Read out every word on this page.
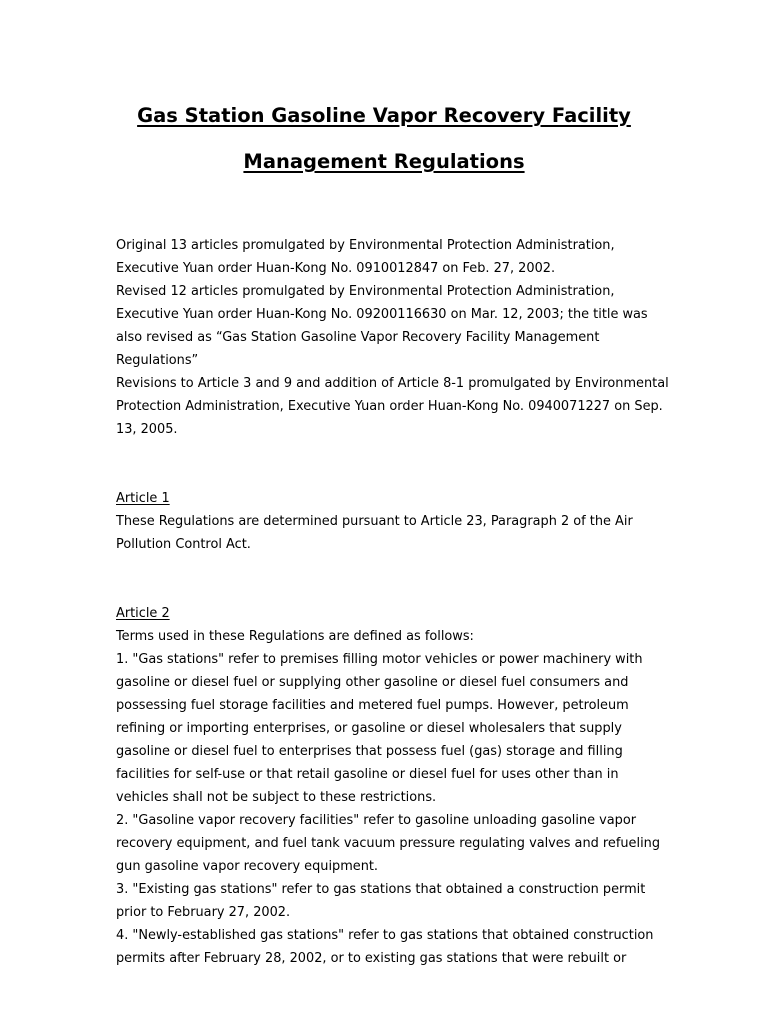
Gas Station Gasoline Vapor Recovery Facility
Management Regulations
Original 13 articles promulgated by Environmental Protection Administration,
Executive Yuan order Huan-Kong No. 0910012847 on Feb. 27, 2002.
Revised 12 articles promulgated by Environmental Protection Administration,
Executive Yuan order Huan-Kong No. 09200116630 on Mar. 12, 2003; the title was
also revised as “Gas Station Gasoline Vapor Recovery Facility Management
Regulations”
Revisions to Article 3 and 9 and addition of Article 8-1 promulgated by Environmental
Protection Administration, Executive Yuan order Huan-Kong No. 0940071227 on Sep.
13, 2005.
Article 1
These Regulations are determined pursuant to Article 23, Paragraph 2 of the Air
Pollution Control Act.
Article 2
Terms used in these Regulations are defined as follows:
1. "Gas stations" refer to premises filling motor vehicles or power machinery with
gasoline or diesel fuel or supplying other gasoline or diesel fuel consumers and
possessing fuel storage facilities and metered fuel pumps. However, petroleum
refining or importing enterprises, or gasoline or diesel wholesalers that supply
gasoline or diesel fuel to enterprises that possess fuel (gas) storage and filling
facilities for self-use or that retail gasoline or diesel fuel for uses other than in
vehicles shall not be subject to these restrictions.
2. "Gasoline vapor recovery facilities" refer to gasoline unloading gasoline vapor
recovery equipment, and fuel tank vacuum pressure regulating valves and refueling
gun gasoline vapor recovery equipment.
3. "Existing gas stations" refer to gas stations that obtained a construction permit
prior to February 27, 2002.
4. "Newly-established gas stations" refer to gas stations that obtained construction
permits after February 28, 2002, or to existing gas stations that were rebuilt or
